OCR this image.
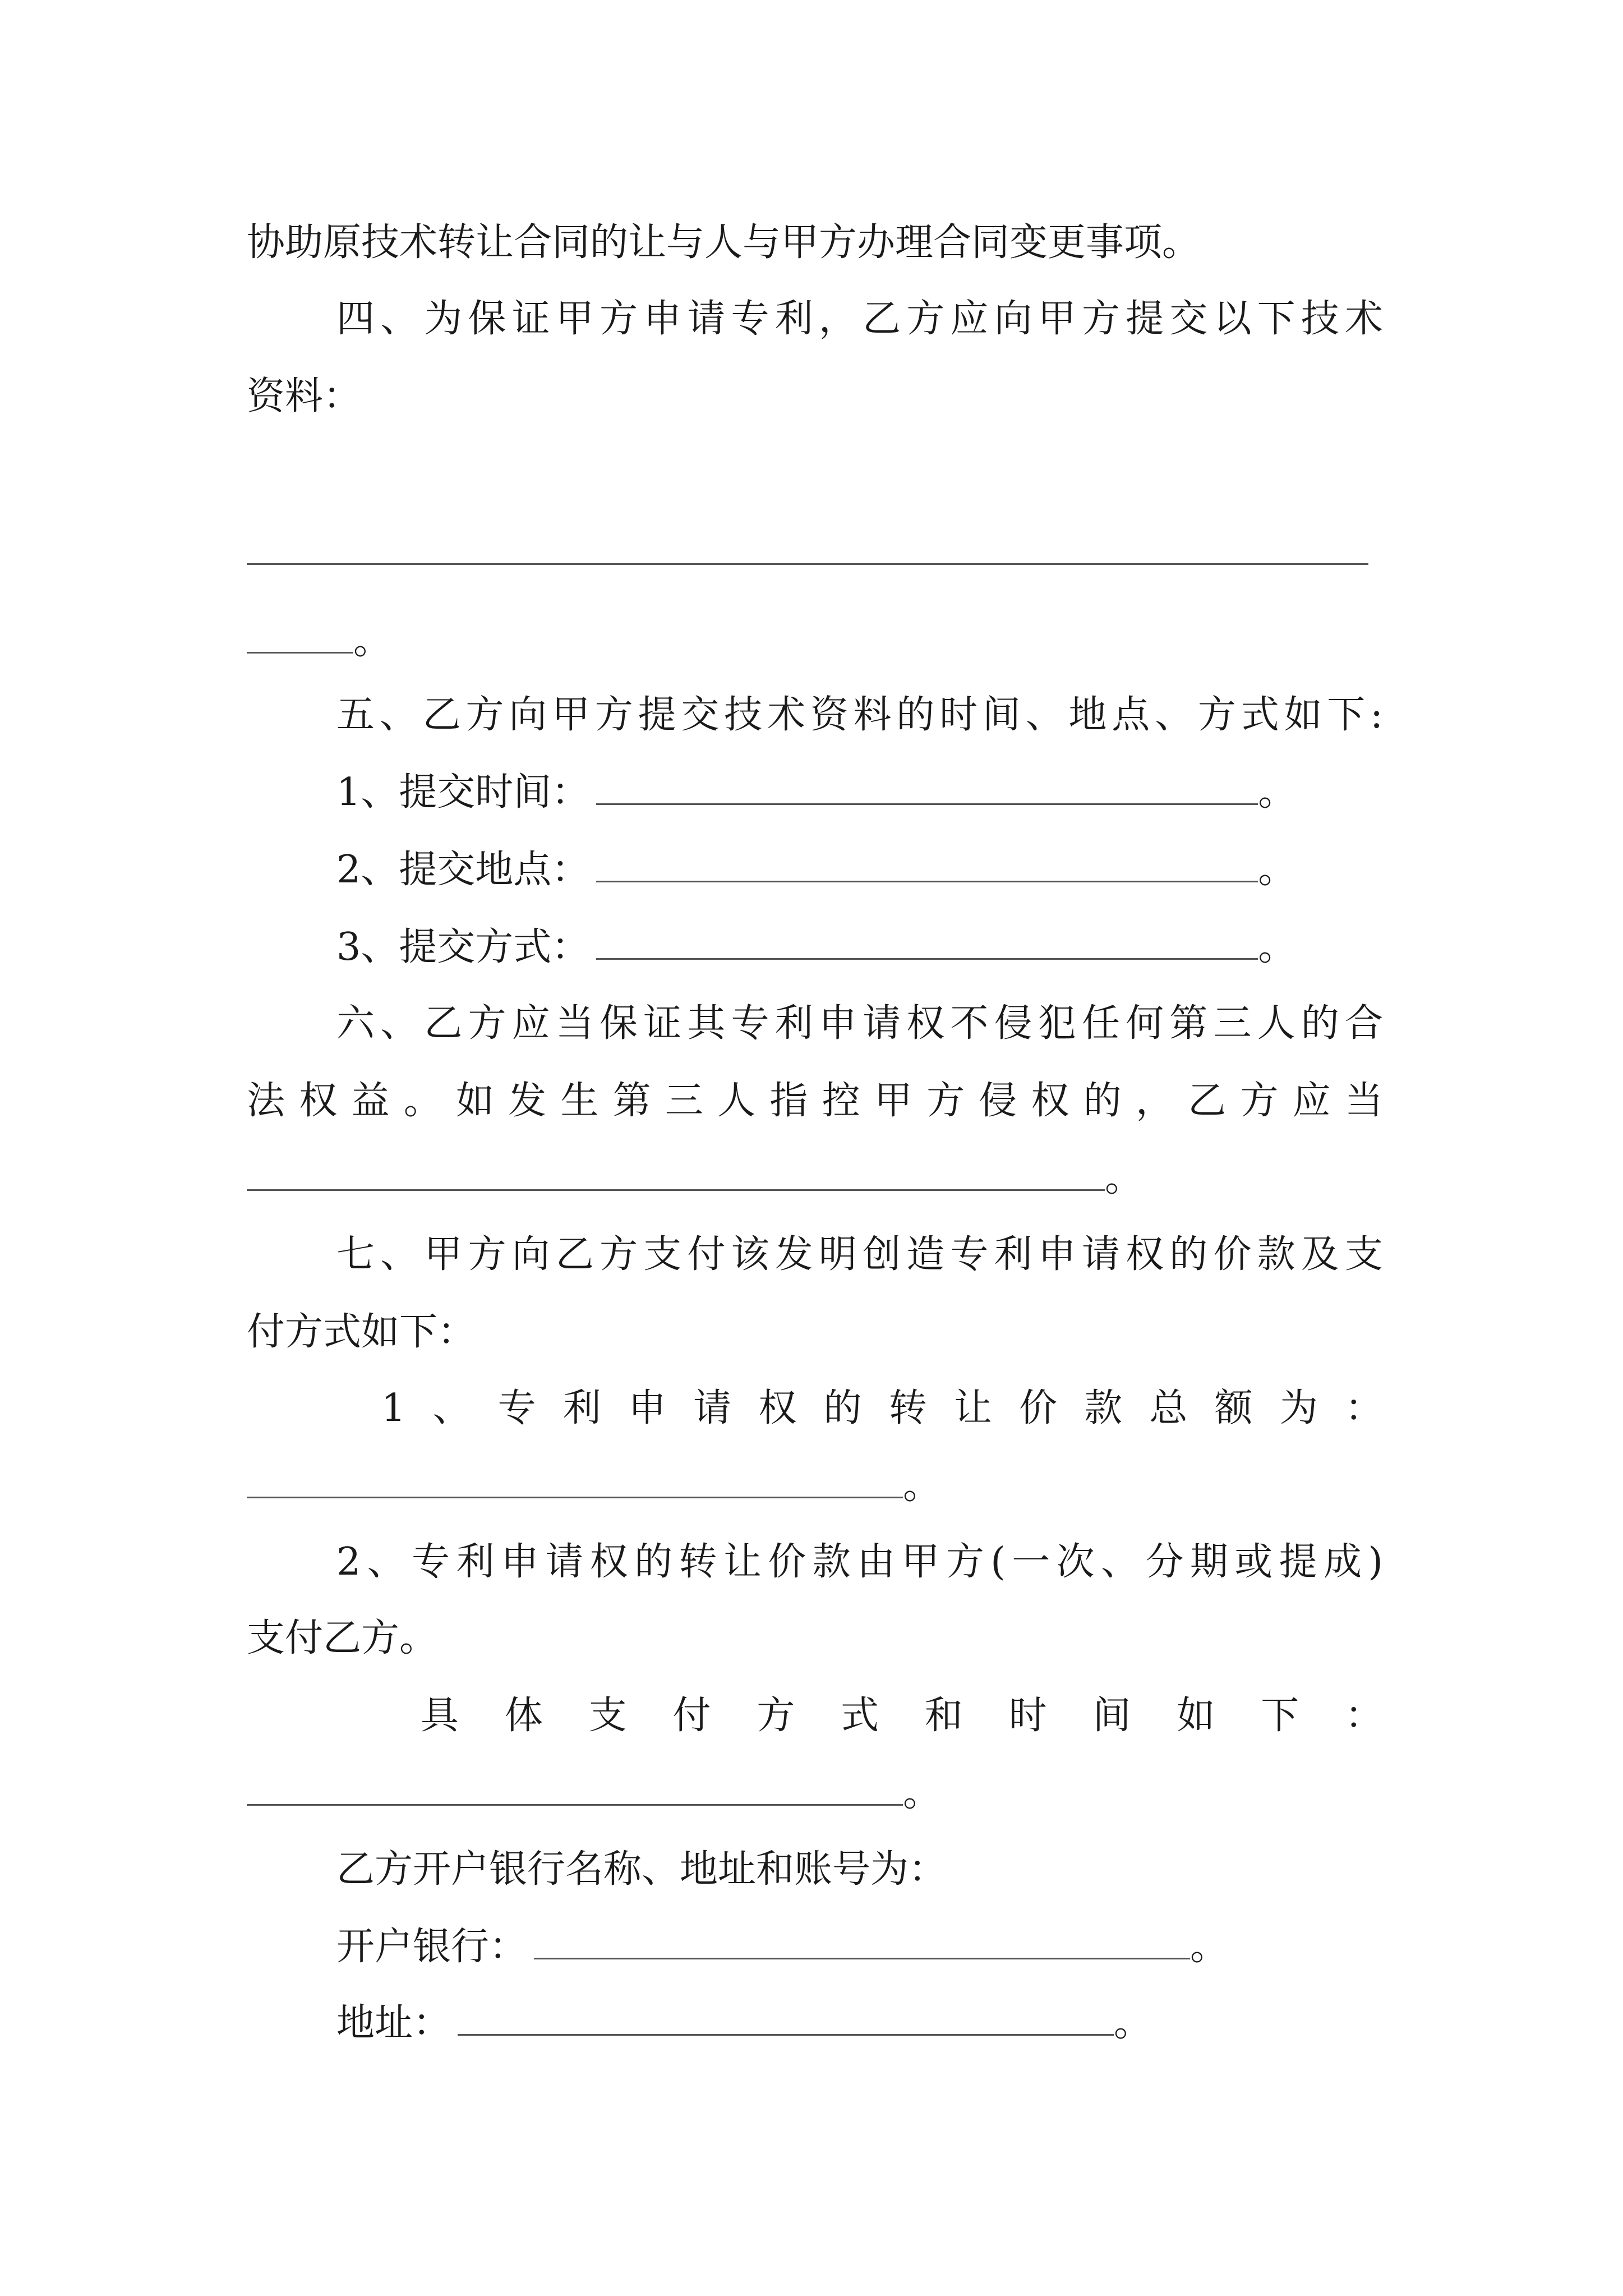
协助原技术转让合同的让与人与甲方办理合同变更事项。
四、为保证甲方申请专利，乙方应向甲方提交以下技术
资料：
。
五、乙方向甲方提交技术资料的时间、地点、方式如下:
1、提交时间：	。
2、提交地点：	。
3、提交方式：	。
六、乙方应当保证其专利申请权不侵犯任何第三人的合
法权益。如发生第三人指控甲方侵权的，乙方应当
。
七、甲方向乙方支付该发明创造专利申请权的价款及支
付方式如下：
1、专利申请权的转让价款总额为：
。
2、专利申请权的转让价款由甲方(一次、分期或提成)
支付乙方。
具体支付方式和时间如下：
。
乙方开户银行名称、地址和账号为：
开户银行：	。
地址：	。
